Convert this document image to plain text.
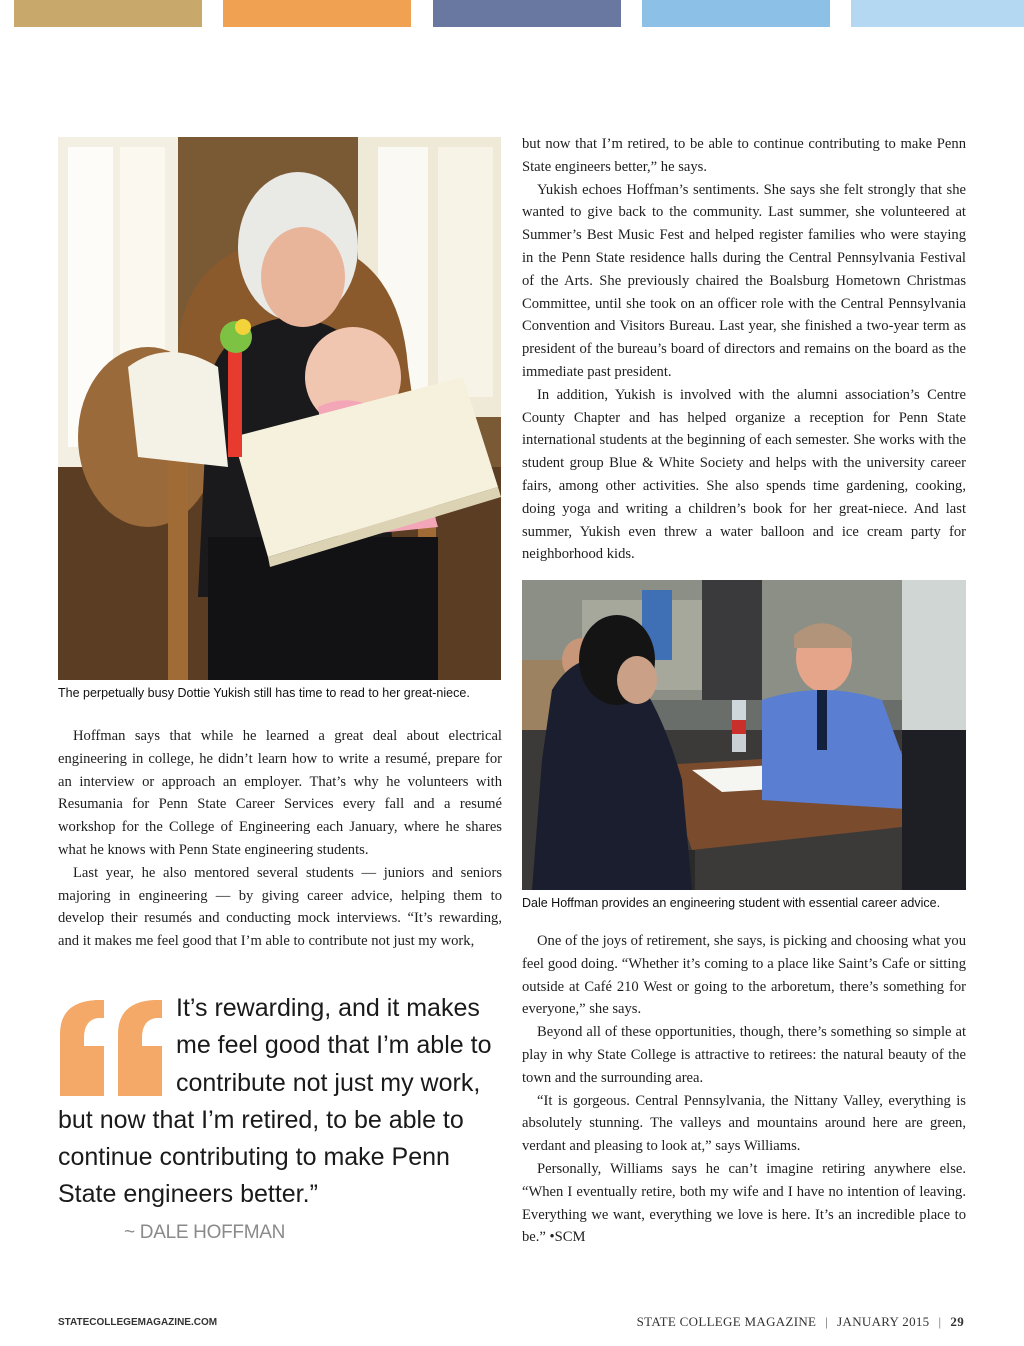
The perpetually busy Dottie Yukish still has time to read to her great-niece.

but now that I’m retired, to be able to continue contributing to make Penn State engineers better,” he says.

Yukish echoes Hoffman’s sentiments. She says she felt strongly that she wanted to give back to the community. Last summer, she volunteered at Summer’s Best Music Fest and helped register families who were staying in the Penn State residence halls during the Central Pennsylvania Festival of the Arts. She previously chaired the Boalsburg Hometown Christmas Committee, until she took on an officer role with the Central Pennsylvania Convention and Visitors Bureau. Last year, she finished a two-year term as president of the bureau’s board of directors and remains on the board as the immediate past president.

In addition, Yukish is involved with the alumni association’s Centre County Chapter and has helped organize a reception for Penn State international students at the beginning of each semester. She works with the student group Blue & White Society and helps with the university career fairs, among other activities. She also spends time gardening, cooking, doing yoga and writing a children’s book for her great-niece. And last summer, Yukish even threw a water balloon and ice cream party for neighborhood kids.

Dale Hoffman provides an engineering student with essential career advice.

Hoffman says that while he learned a great deal about electrical engineering in college, he didn’t learn how to write a resumé, prepare for an interview or approach an employer. That’s why he volunteers with Resumania for Penn State Career Services every fall and a resumé workshop for the College of Engineering each January, where he shares what he knows with Penn State engineering students.

Last year, he also mentored several students — juniors and seniors majoring in engineering — by giving career advice, helping them to develop their resumés and conducting mock interviews. “It’s rewarding, and it makes me feel good that I’m able to contribute not just my work,

It’s rewarding, and it makes me feel good that I’m able to contribute not just my work, but now that I’m retired, to be able to continue contributing to make Penn State engineers better.”

~ DALE HOFFMAN

One of the joys of retirement, she says, is picking and choosing what you feel good doing. “Whether it’s coming to a place like Saint’s Cafe or sitting outside at Café 210 West or going to the arboretum, there’s something for everyone,” she says.

Beyond all of these opportunities, though, there’s something so simple at play in why State College is attractive to retirees: the natural beauty of the town and the surrounding area.

“It is gorgeous. Central Pennsylvania, the Nittany Valley, everything is absolutely stunning. The valleys and mountains around here are green, verdant and pleasing to look at,” says Williams.

Personally, Williams says he can’t imagine retiring anywhere else. “When I eventually retire, both my wife and I have no intention of leaving. Everything we want, everything we love is here. It’s an incredible place to be.” •SCM

STATECOLLEGEMAGAZINE.COM	STATE COLLEGE MAGAZINE | JANUARY 2015 | 29
